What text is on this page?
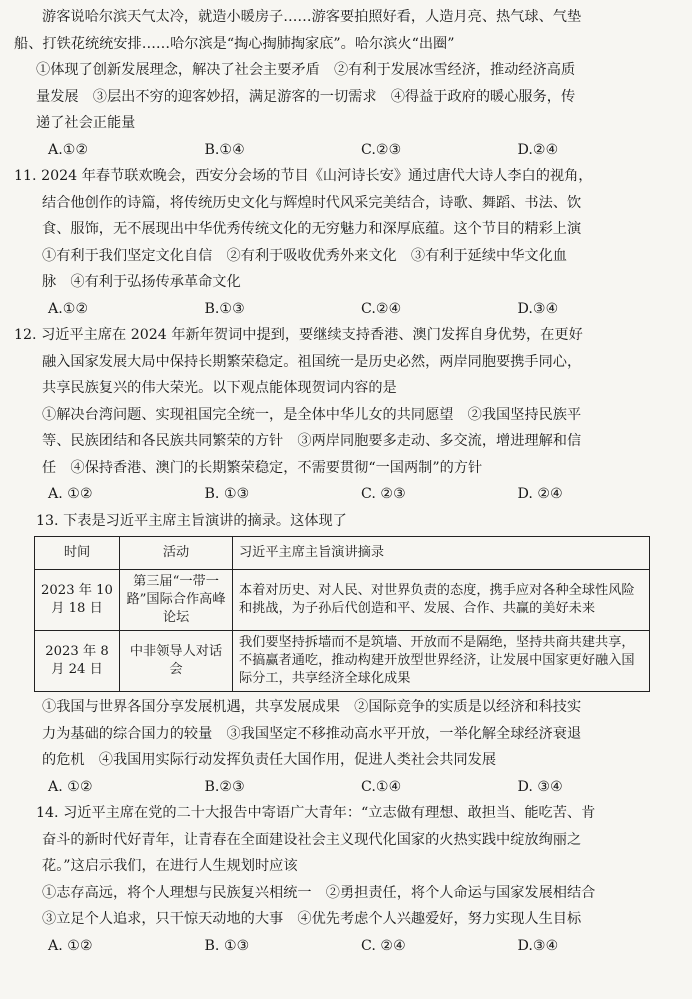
游客说哈尔滨天气太冷，就造小暖房子……游客要拍照好看，人造月亮、热气球、气垫
船、打铁花统统安排……哈尔滨是“掏心掏肺掏家底”。哈尔滨火“出圈”
①体现了创新发展理念，解决了社会主要矛盾　②有利于发展冰雪经济，推动经济高质
量发展　③层出不穷的迎客妙招，满足游客的一切需求　④得益于政府的暖心服务，传
递了社会正能量
A.①②	B.①④	C.②③	D.②④
11. 2024 年春节联欢晚会，西安分会场的节目《山河诗长安》通过唐代大诗人李白的视角，
结合他创作的诗篇，将传统历史文化与辉煌时代风采完美结合，诗歌、舞蹈、书法、饮
食、服饰，无不展现出中华优秀传统文化的无穷魅力和深厚底蕴。这个节目的精彩上演
①有利于我们坚定文化自信　②有利于吸收优秀外来文化　③有利于延续中华文化血
脉　④有利于弘扬传承革命文化
A.①②	B.①③	C.②④	D.③④
12. 习近平主席在 2024 年新年贺词中提到，要继续支持香港、澳门发挥自身优势，在更好
融入国家发展大局中保持长期繁荣稳定。祖国统一是历史必然，两岸同胞要携手同心，
共享民族复兴的伟大荣光。以下观点能体现贺词内容的是
①解决台湾问题、实现祖国完全统一，是全体中华儿女的共同愿望　②我国坚持民族平
等、民族团结和各民族共同繁荣的方针　③两岸同胞要多走动、多交流，增进理解和信
任　④保持香港、澳门的长期繁荣稳定，不需要贯彻“一国两制”的方针
A. ①②	B. ①③	C. ②③	D. ②④
13. 下表是习近平主席主旨演讲的摘录。这体现了
时间	活动	习近平主席主旨演讲摘录
2023 年 10 月 18 日	第三届“一带一路”国际合作高峰论坛	本着对历史、对人民、对世界负责的态度，携手应对各种全球性风险和挑战，为子孙后代创造和平、发展、合作、共赢的美好未来
2023 年 8 月 24 日	中非领导人对话会	我们要坚持拆墙而不是筑墙、开放而不是隔绝，坚持共商共建共享，不搞赢者通吃，推动构建开放型世界经济，让发展中国家更好融入国际分工，共享经济全球化成果
①我国与世界各国分享发展机遇，共享发展成果　②国际竞争的实质是以经济和科技实
力为基础的综合国力的较量　③我国坚定不移推动高水平开放，一举化解全球经济衰退
的危机　④我国用实际行动发挥负责任大国作用，促进人类社会共同发展
A. ①②	B.②③	C.①④	D. ③④
14. 习近平主席在党的二十大报告中寄语广大青年：“立志做有理想、敢担当、能吃苦、肯
奋斗的新时代好青年，让青春在全面建设社会主义现代化国家的火热实践中绽放绚丽之
花。”这启示我们，在进行人生规划时应该
①志存高远，将个人理想与民族复兴相统一　②勇担责任，将个人命运与国家发展相结合
③立足个人追求，只干惊天动地的大事　④优先考虑个人兴趣爱好，努力实现人生目标
A. ①②	B. ①③	C. ②④	D.③④
